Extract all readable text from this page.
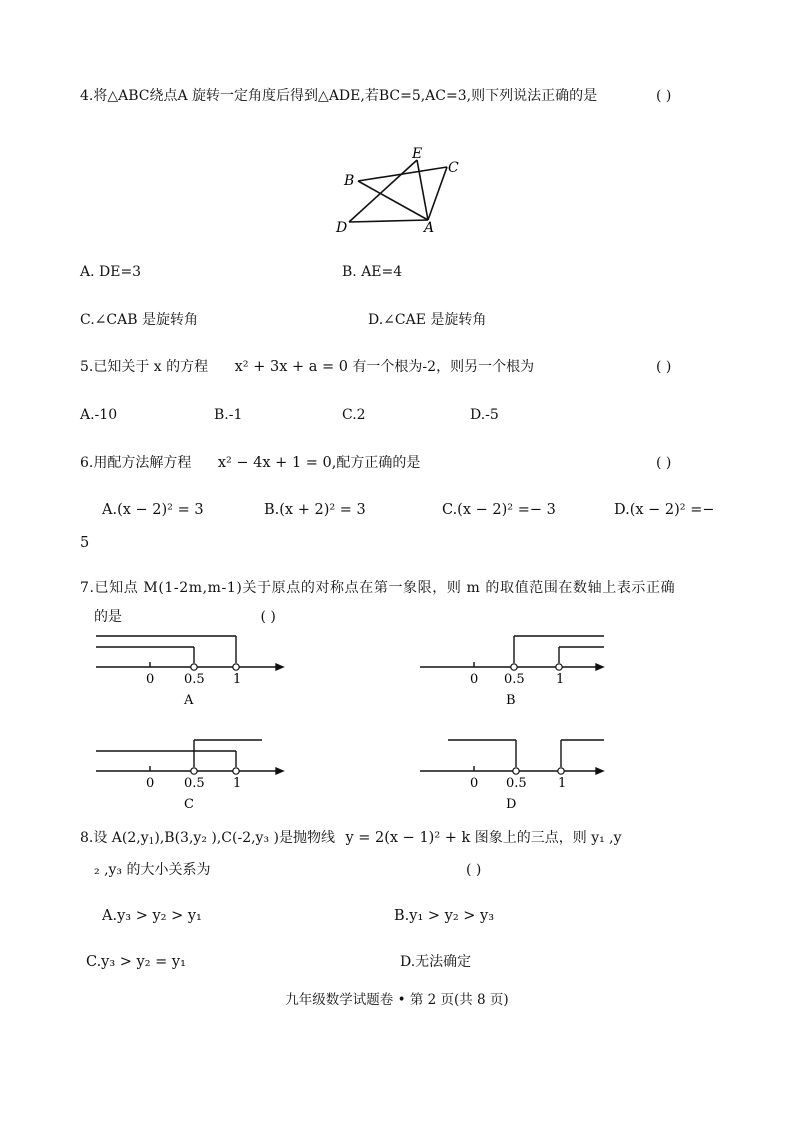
4.将△ABC绕点A 旋转一定角度后得到△ADE,若BC=5,AC=3,则下列说法正确的是	( )
B
E
C
D	A
A. DE=3	B. AE=4
C.∠CAB 是旋转角	D.∠CAE 是旋转角
5.已知关于 x 的方程 x² + 3x + a = 0 有一个根为-2，则另一个根为	( )
A.-10	B.-1	C.2	D.-5
6.用配方法解方程 x² − 4x + 1 = 0,配方正确的是	( )
A.(x − 2)² = 3	B.(x + 2)² = 3	C.(x − 2)² =− 3	D.(x − 2)² =−
5
7.已知点 M(1-2m,m-1)关于原点的对称点在第一象限，则 m 的取值范围在数轴上表示正确
的是	( )
0 0.5 1
A
0 0.5 1
B
0 0.5 1
C
0 0.5 1
D
8.设 $A(2,y_1),B(3,y_2$ ),C(-2,y₃ )是抛物线 y = 2(x − 1)² + k 图象上的三点，则 y₁ ,y
₂ ,y₃ 的大小关系为	( )
A.y₃ > y₂ > y₁	B.y₁ > y₂ > y₃
C.y₃ > y₂ = y₁	D.无法确定
九年级数学试题卷 • 第 2 页(共 8 页)
